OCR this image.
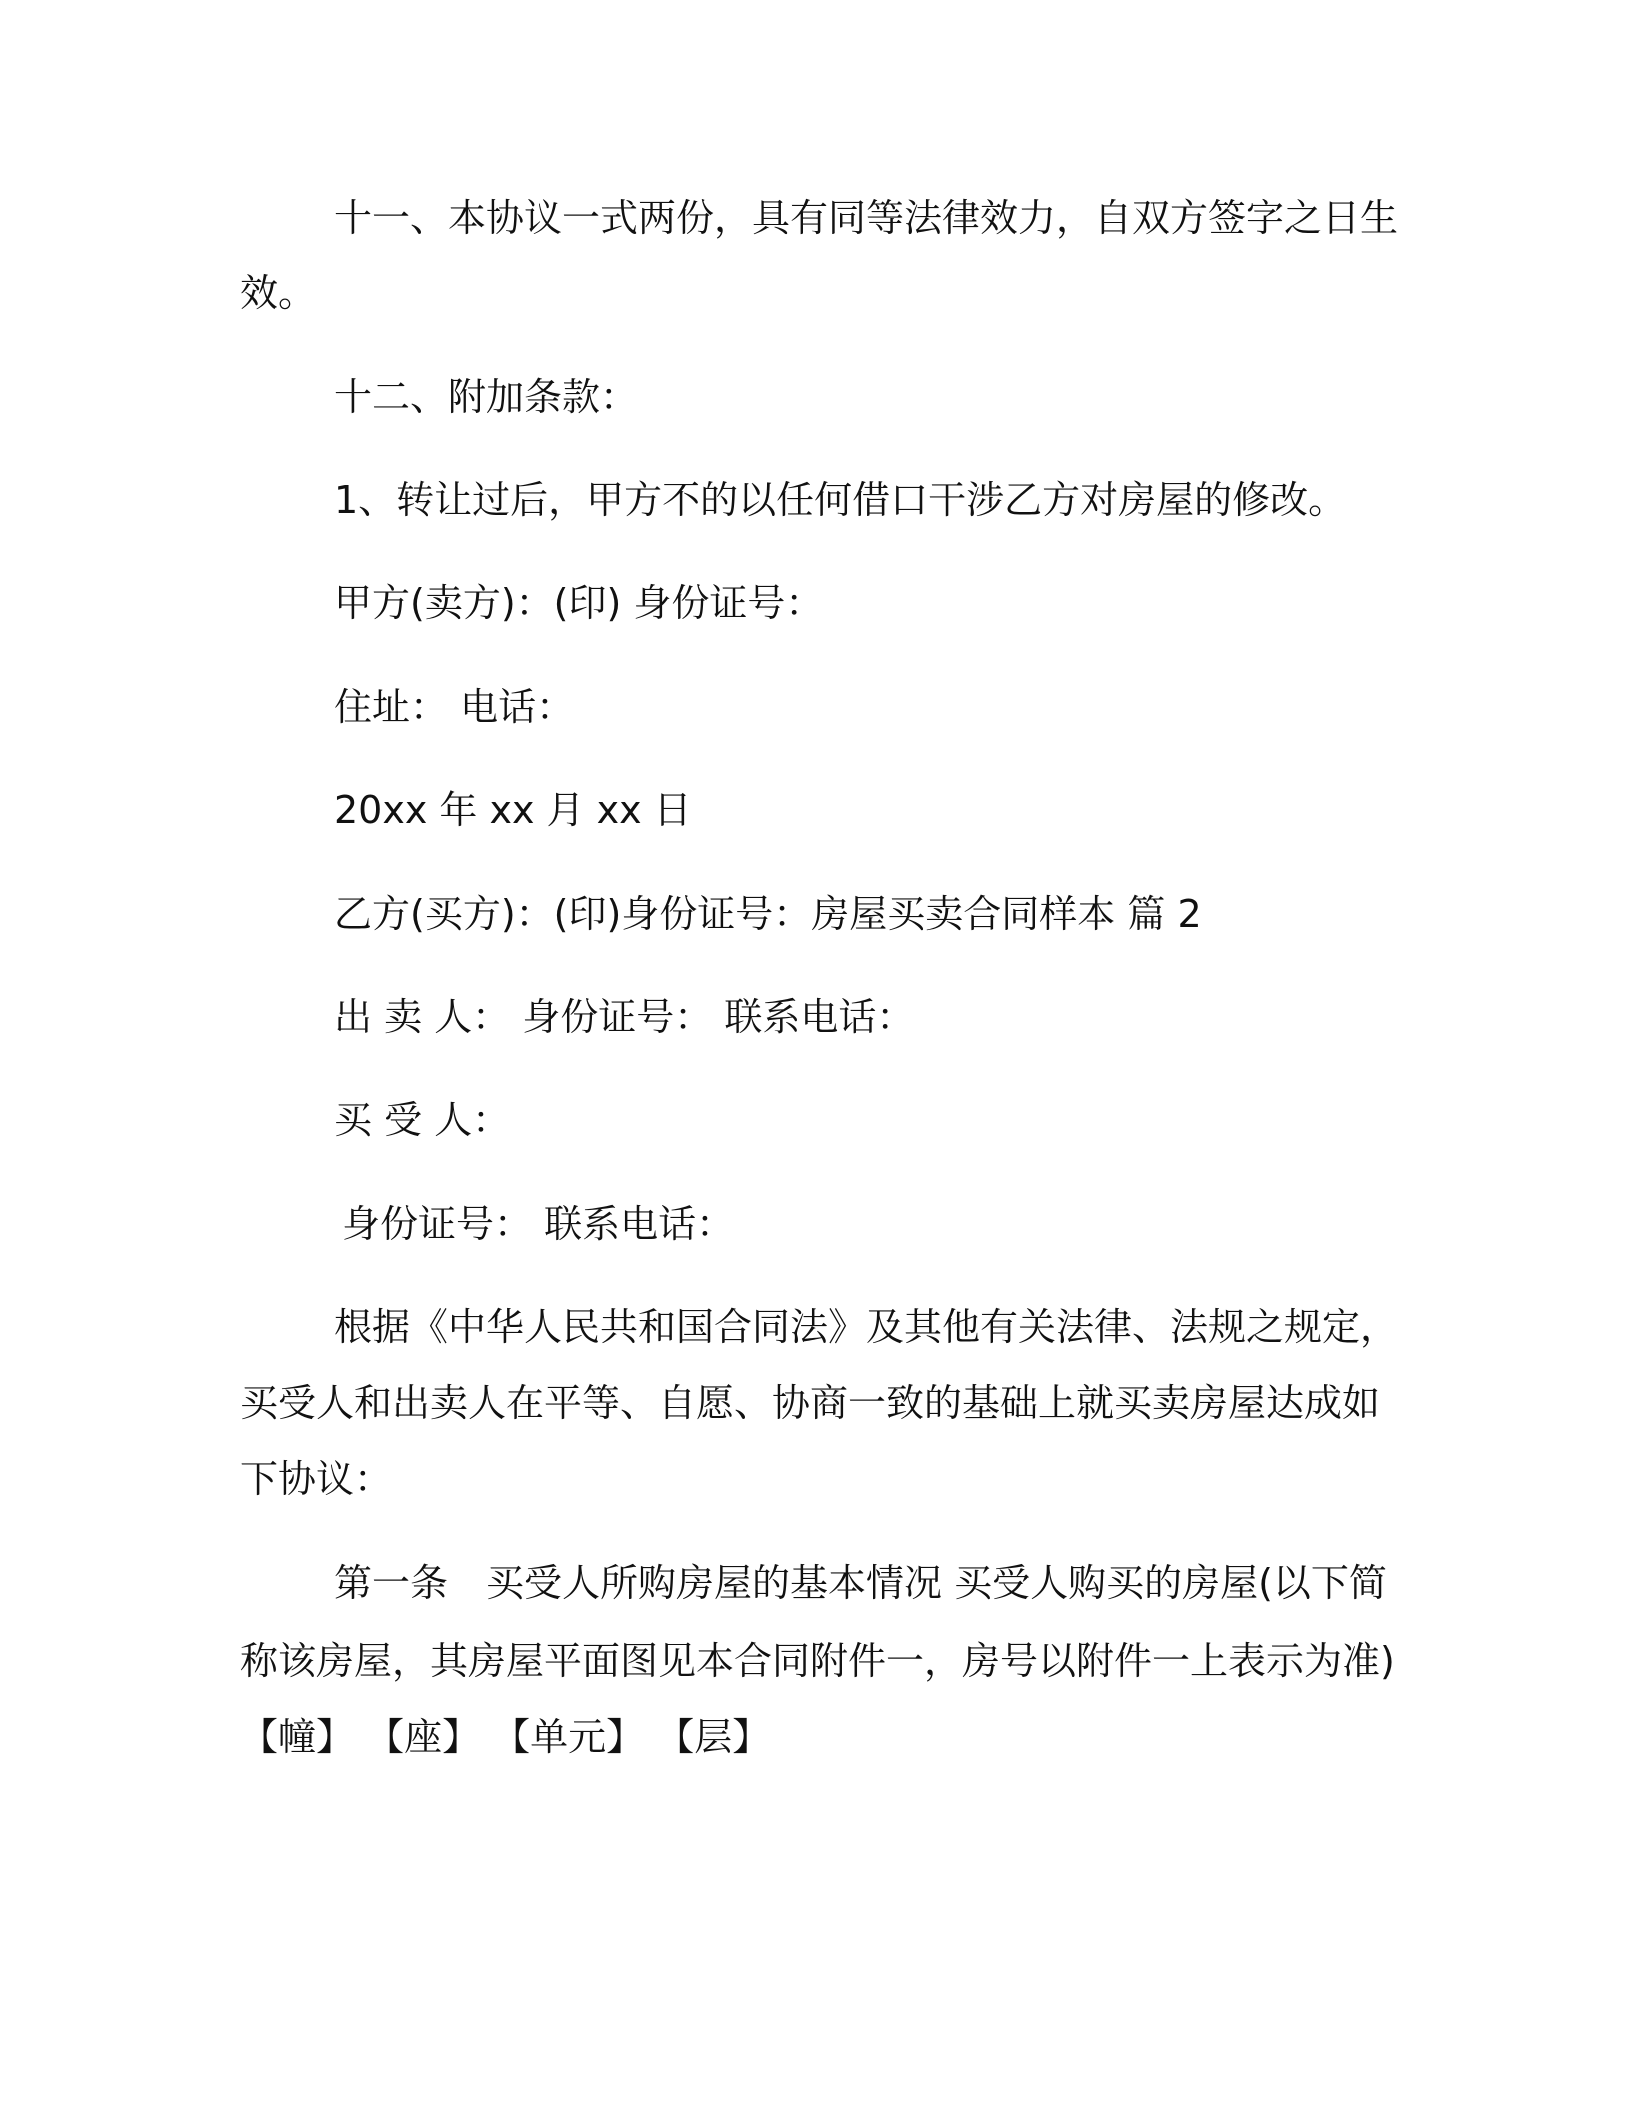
十一、本协议一式两份，具有同等法律效力，自双方签字之日生
效。
十二、附加条款：
1、转让过后，甲方不的以任何借口干涉乙方对房屋的修改。
甲方(卖方)：(印) 身份证号：
住址： 电话：
20xx 年 xx 月 xx 日
乙方(买方)：(印)身份证号：房屋买卖合同样本 篇 2
出 卖 人： 身份证号： 联系电话：
买 受 人：
身份证号： 联系电话：
根据《中华人民共和国合同法》及其他有关法律、法规之规定，
买受人和出卖人在平等、自愿、协商一致的基础上就买卖房屋达成如
下协议：
第一条　买受人所购房屋的基本情况 买受人购买的房屋(以下简
称该房屋，其房屋平面图见本合同附件一，房号以附件一上表示为准)
【幢】 【座】 【单元】 【层】
